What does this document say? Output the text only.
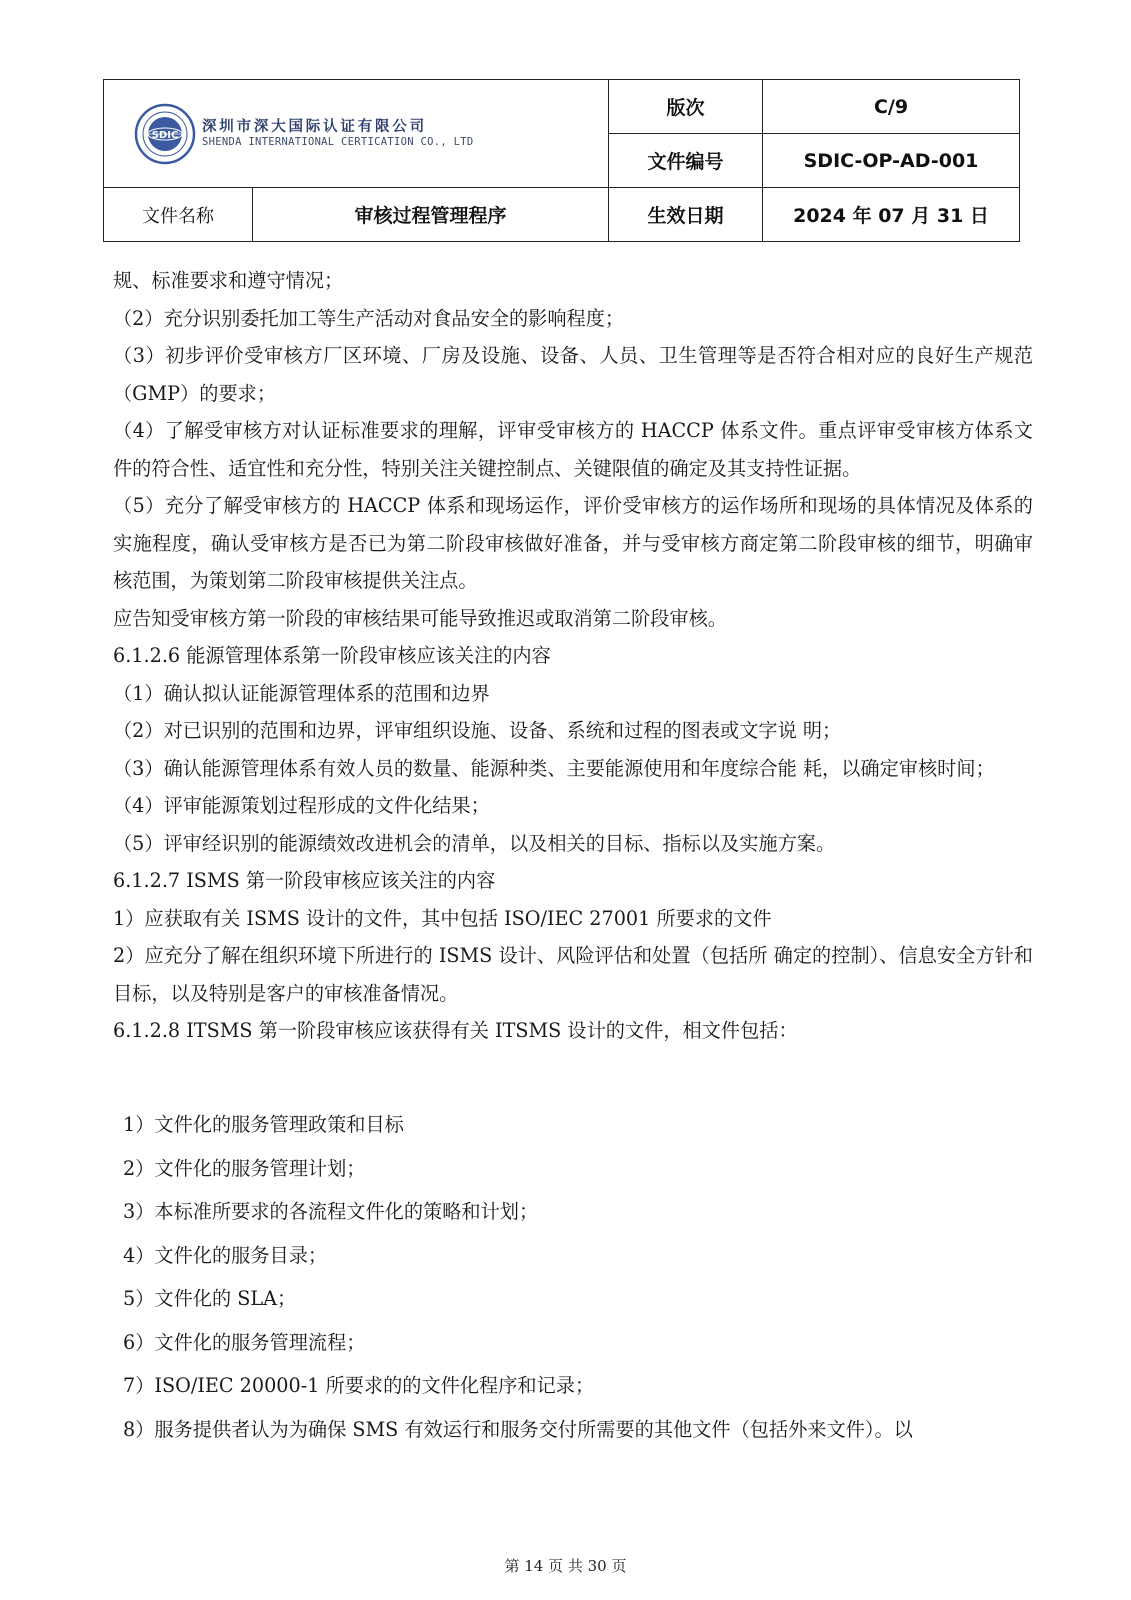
SDIC
深圳市深大国际认证有限公司
SHENDA INTERNATIONAL CERTICATION CO., LTD		版次	C/9
		文件编号	SDIC-OP-AD-001
文件名称	审核过程管理程序	生效日期	2024 年 07 月 31 日

规、标准要求和遵守情况；

（2）充分识别委托加工等生产活动对食品安全的影响程度；

（3）初步评价受审核方厂区环境、厂房及设施、设备、人员、卫生管理等是否符合相对应的良好生产规范（GMP）的要求；

（4）了解受审核方对认证标准要求的理解，评审受审核方的 HACCP 体系文件。重点评审受审核方体系文件的符合性、适宜性和充分性，特别关注关键控制点、关键限值的确定及其支持性证据。

（5）充分了解受审核方的 HACCP 体系和现场运作，评价受审核方的运作场所和现场的具体情况及体系的实施程度，确认受审核方是否已为第二阶段审核做好准备，并与受审核方商定第二阶段审核的细节，明确审核范围，为策划第二阶段审核提供关注点。

应告知受审核方第一阶段的审核结果可能导致推迟或取消第二阶段审核。

6.1.2.6 能源管理体系第一阶段审核应该关注的内容

（1）确认拟认证能源管理体系的范围和边界

（2）对已识别的范围和边界，评审组织设施、设备、系统和过程的图表或文字说 明；

（3）确认能源管理体系有效人员的数量、能源种类、主要能源使用和年度综合能 耗，以确定审核时间；

（4）评审能源策划过程形成的文件化结果；

（5）评审经识别的能源绩效改进机会的清单，以及相关的目标、指标以及实施方案。

6.1.2.7 ISMS 第一阶段审核应该关注的内容

1）应获取有关 ISMS 设计的文件，其中包括 ISO/IEC 27001 所要求的文件

2）应充分了解在组织环境下所进行的 ISMS 设计、风险评估和处置（包括所 确定的控制）、信息安全方针和目标，以及特别是客户的审核准备情况。

6.1.2.8 ITSMS 第一阶段审核应该获得有关 ITSMS 设计的文件，相文件包括：

1）文件化的服务管理政策和目标

2）文件化的服务管理计划；

3）本标准所要求的各流程文件化的策略和计划；

4）文件化的服务目录；

5）文件化的 SLA；

6）文件化的服务管理流程；

7）ISO/IEC 20000-1 所要求的的文件化程序和记录；

8）服务提供者认为为确保 SMS 有效运行和服务交付所需要的其他文件（包括外来文件）。以

第 14 页 共 30 页
